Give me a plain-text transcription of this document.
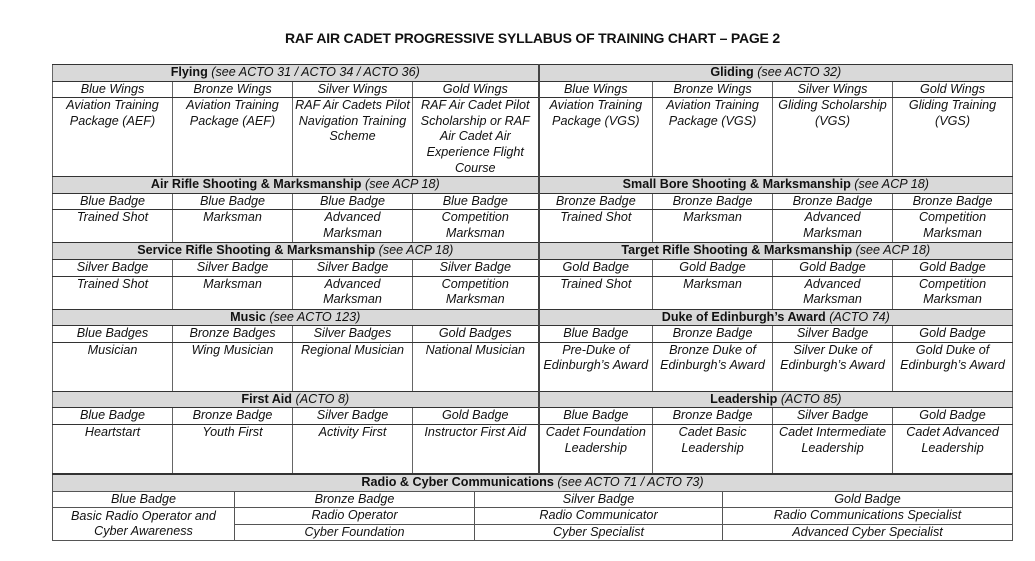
RAF AIR CADET PROGRESSIVE SYLLABUS OF TRAINING CHART – PAGE 2
Flying (see ACTO 31 / ACTO 34 / ACTO 36)				Gliding (see ACTO 32)			
Blue Wings	Bronze Wings	Silver Wings	Gold Wings	Blue Wings	Bronze Wings	Silver Wings	Gold Wings
Aviation Training Package (AEF)	Aviation Training Package (AEF)	RAF Air Cadets Pilot Navigation Training Scheme	RAF Air Cadet Pilot Scholarship or RAF Air Cadet Air Experience Flight Course	Aviation Training Package (VGS)	Aviation Training Package (VGS)	Gliding Scholarship (VGS)	Gliding Training (VGS)
Air Rifle Shooting & Marksmanship (see ACP 18)				Small Bore Shooting & Marksmanship (see ACP 18)			
Blue Badge	Blue Badge	Blue Badge	Blue Badge	Bronze Badge	Bronze Badge	Bronze Badge	Bronze Badge
Trained Shot	Marksman	Advanced Marksman	Competition Marksman	Trained Shot	Marksman	Advanced Marksman	Competition Marksman
Service Rifle Shooting & Marksmanship (see ACP 18)				Target Rifle Shooting & Marksmanship (see ACP 18)			
Silver Badge	Silver Badge	Silver Badge	Silver Badge	Gold Badge	Gold Badge	Gold Badge	Gold Badge
Trained Shot	Marksman	Advanced Marksman	Competition Marksman	Trained Shot	Marksman	Advanced Marksman	Competition Marksman
Music (see ACTO 123)				Duke of Edinburgh’s Award (ACTO 74)			
Blue Badges	Bronze Badges	Silver Badges	Gold Badges	Blue Badge	Bronze Badge	Silver Badge	Gold Badge
Musician	Wing Musician	Regional Musician	National Musician	Pre-Duke of Edinburgh’s Award	Bronze Duke of Edinburgh’s Award	Silver Duke of Edinburgh’s Award	Gold Duke of Edinburgh’s Award
First Aid (ACTO 8)				Leadership (ACTO 85)			
Blue Badge	Bronze Badge	Silver Badge	Gold Badge	Blue Badge	Bronze Badge	Silver Badge	Gold Badge
Heartstart	Youth First	Activity First	Instructor First Aid	Cadet Foundation Leadership	Cadet Basic Leadership	Cadet Intermediate Leadership	Cadet Advanced Leadership
Radio & Cyber Communications (see ACTO 71 / ACTO 73)			
Blue Badge	Bronze Badge	Silver Badge	Gold Badge
Basic Radio Operator and Cyber Awareness	Radio Operator	Radio Communicator	Radio Communications Specialist
	Cyber Foundation	Cyber Specialist	Advanced Cyber Specialist
